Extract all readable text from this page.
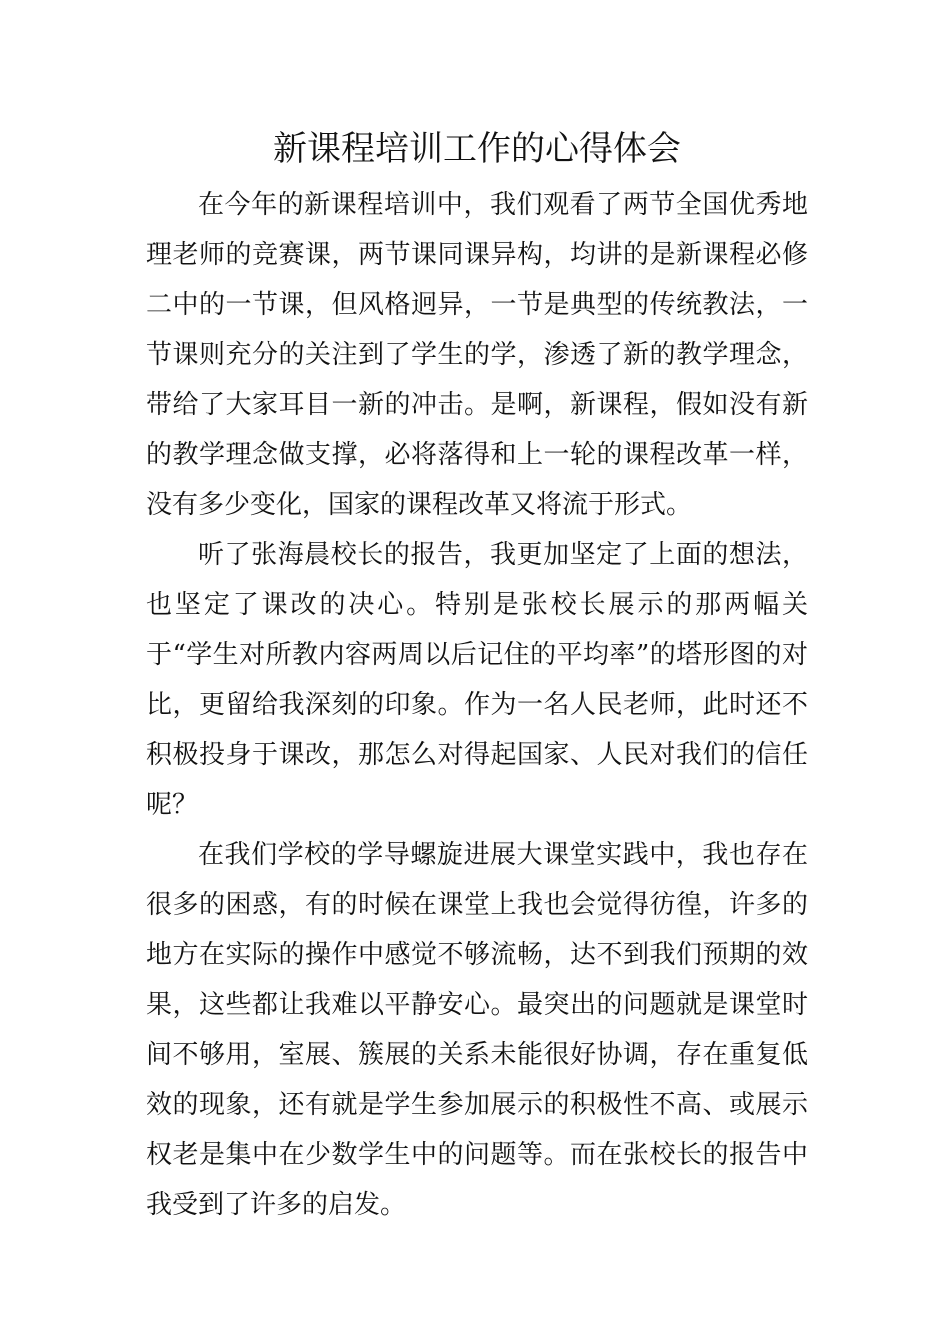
新课程培训工作的心得体会

在今年的新课程培训中，我们观看了两节全国优秀地理老师的竞赛课，两节课同课异构，均讲的是新课程必修二中的一节课，但风格迥异，一节是典型的传统教法，一节课则充分的关注到了学生的学，渗透了新的教学理念，带给了大家耳目一新的冲击。是啊，新课程，假如没有新的教学理念做支撑，必将落得和上一轮的课程改革一样，没有多少变化，国家的课程改革又将流于形式。

听了张海晨校长的报告，我更加坚定了上面的想法，也坚定了课改的决心。特别是张校长展示的那两幅关于“学生对所教内容两周以后记住的平均率”的塔形图的对比，更留给我深刻的印象。作为一名人民老师，此时还不积极投身于课改，那怎么对得起国家、人民对我们的信任呢？

在我们学校的学导螺旋进展大课堂实践中，我也存在很多的困惑，有的时候在课堂上我也会觉得彷徨，许多的地方在实际的操作中感觉不够流畅，达不到我们预期的效果，这些都让我难以平静安心。最突出的问题就是课堂时间不够用，室展、簇展的关系未能很好协调，存在重复低效的现象，还有就是学生参加展示的积极性不高、或展示权老是集中在少数学生中的问题等。而在张校长的报告中我受到了许多的启发。
